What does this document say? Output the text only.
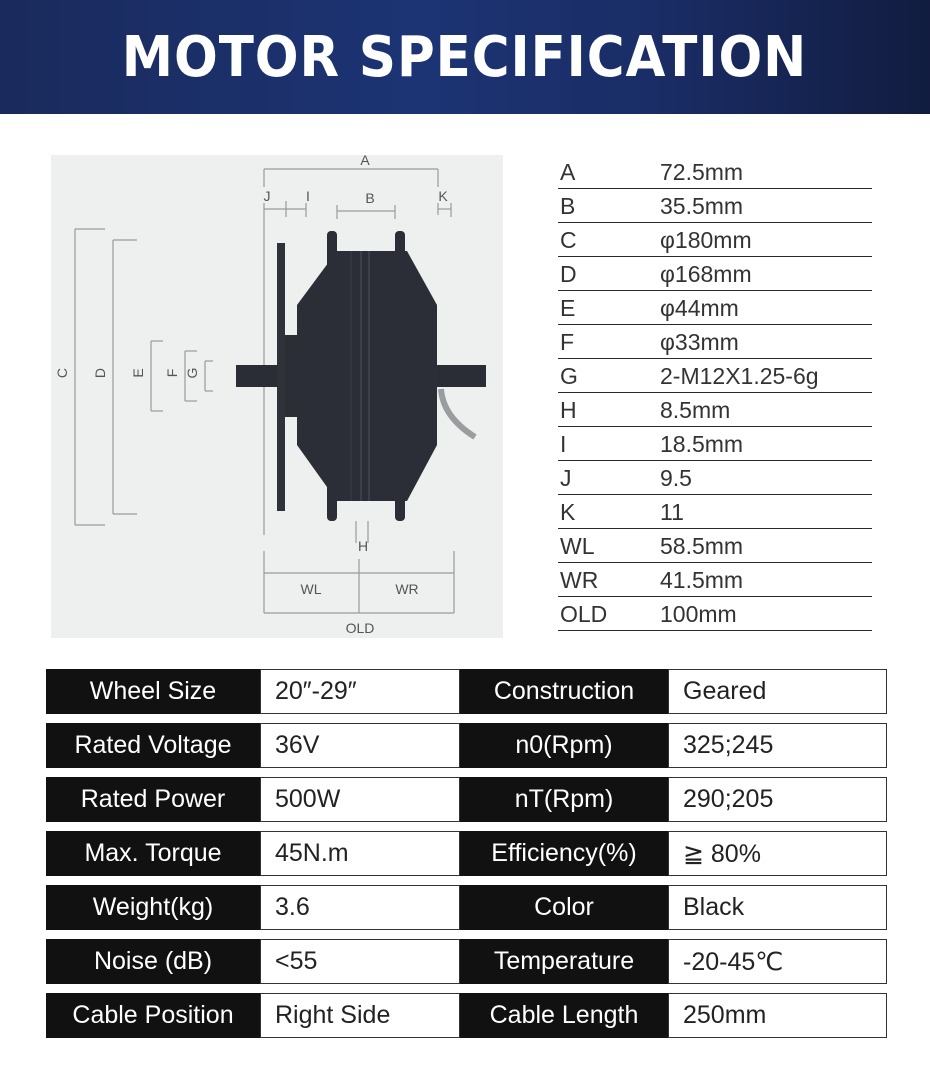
MOTOR SPECIFICATION
A
J	I	B	K
C D E F G
H
WL	WR
OLD
A	72.5mm
B	35.5mm
C	φ180mm
D	φ168mm
E	φ44mm
F	φ33mm
G	2-M12X1.25-6g
H	8.5mm
I	18.5mm
J	9.5
K	11
WL	58.5mm
WR	41.5mm
OLD 100mm
Wheel Size	20″-29″	Construction	Geared
Rated Voltage	36V	n0(Rpm)	325;245
Rated Power	500W	nT(Rpm)	290;205
Max. Torque	45N.m	Efficiency(%)	≧ 80%
Weight(kg)	3.6	Color	Black
Noise (dB)	<55	Temperature	-20-45℃
Cable Position	Right Side	Cable Length	250mm
